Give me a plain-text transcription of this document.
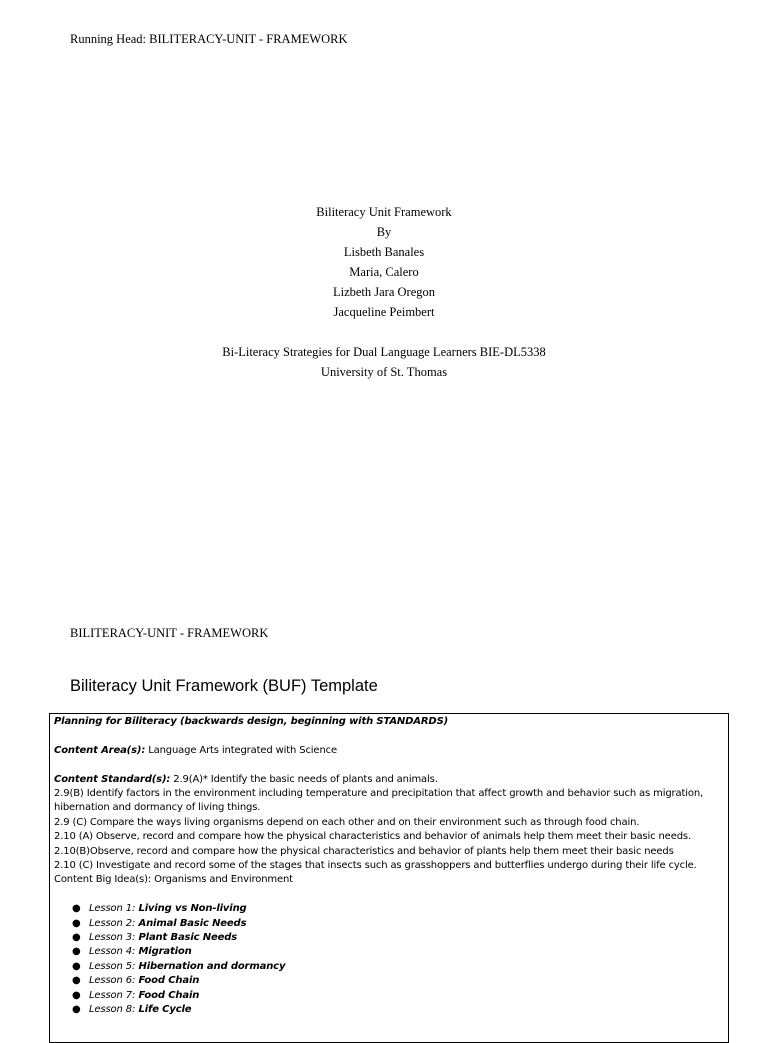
Running Head: BILITERACY-UNIT - FRAMEWORK
Biliteracy Unit Framework
By
Lisbeth Banales
Maria, Calero
Lizbeth Jara Oregon
Jacqueline Peimbert
Bi-Literacy Strategies for Dual Language Learners BIE-DL5338
University of St. Thomas
BILITERACY-UNIT - FRAMEWORK
Biliteracy Unit Framework (BUF) Template
Planning for Biliteracy (backwards design, beginning with STANDARDS)
Content Area(s): Language Arts integrated with Science
Content Standard(s): 2.9(A)* Identify the basic needs of plants and animals.
2.9(B) Identify factors in the environment including temperature and precipitation that affect growth and behavior such as migration, hibernation and dormancy of living things.
2.9 (C) Compare the ways living organisms depend on each other and on their environment such as through food chain.
2.10 (A) Observe, record and compare how the physical characteristics and behavior of animals help them meet their basic needs.
2.10(B)Observe, record and compare how the physical characteristics and behavior of plants help them meet their basic needs
2.10 (C) Investigate and record some of the stages that insects such as grasshoppers and butterflies undergo during their life cycle.
Content Big Idea(s): Organisms and Environment
● Lesson 1: Living vs Non-living
● Lesson 2: Animal Basic Needs
● Lesson 3: Plant Basic Needs
● Lesson 4: Migration
● Lesson 5: Hibernation and dormancy
● Lesson 6: Food Chain
● Lesson 7: Food Chain
● Lesson 8: Life Cycle
